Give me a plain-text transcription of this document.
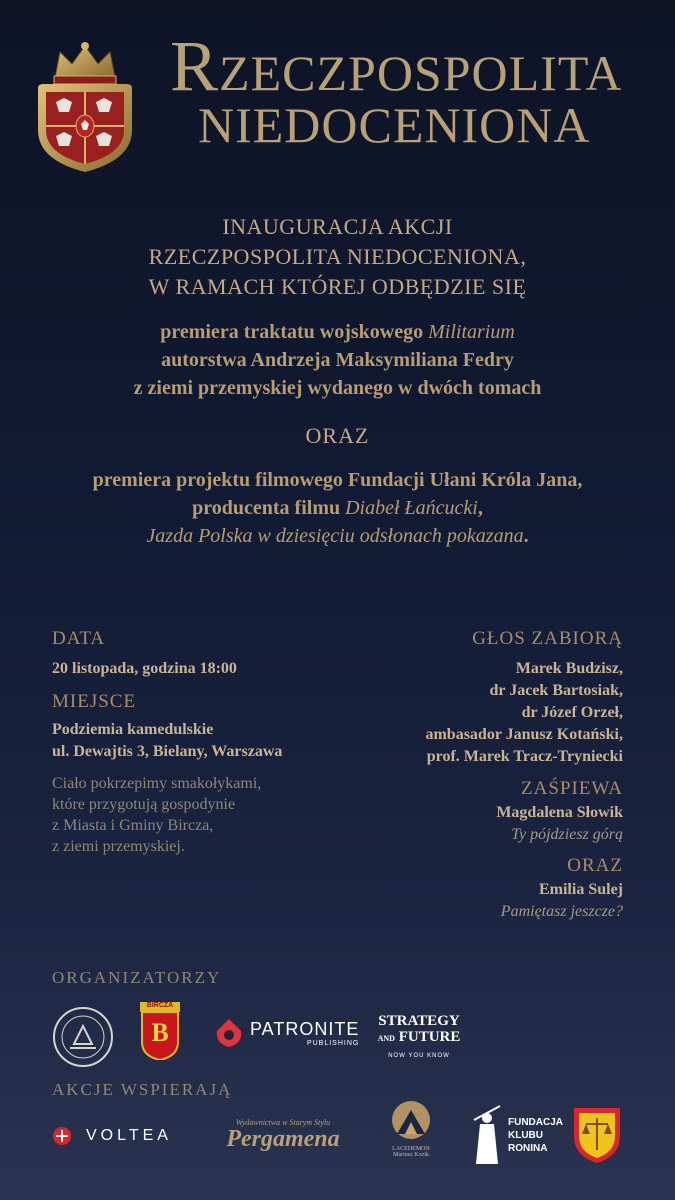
RZECZPOSPOLITA
NIEDOCENIONA
INAUGURACJA AKCJI
RZECZPOSPOLITA NIEDOCENIONA,
W RAMACH KTÓREJ ODBĘDZIE SIĘ
premiera traktatu wojskowego Militarium
autorstwa Andrzeja Maksymiliana Fedry
z ziemi przemyskiej wydanego w dwóch tomach
ORAZ
premiera projektu filmowego Fundacji Ułani Króla Jana,
producenta filmu Diabeł Łańcucki,
Jazda Polska w dziesięciu odsłonach pokazana.
DATA
20 listopada, godzina 18:00
MIEJSCE
Podziemia kamedulskie
ul. Dewajtis 3, Bielany, Warszawa
Ciało pokrzepimy smakołykami,
które przygotują gospodynie
z Miasta i Gminy Bircza,
z ziemi przemyskiej.
GŁOS ZABIORĄ
Marek Budzisz,
dr Jacek Bartosiak,
dr Józef Orzeł,
ambasador Janusz Kotański,
prof. Marek Tracz-Tryniecki
ZAŚPIEWA
Magdalena Słowik
Ty pójdziesz górą
ORAZ
Emilia Sulej
Pamiętasz jeszcze?
ORGANIZATORZY
BIRCZA
B	PATRONITE
PUBLISHING
STRATEGY
AND FUTURE
NOW YOU KNOW
AKCJE WSPIERAJĄ
VOLTEA
Wydawnictwa w Starym Stylu
Pergamena	LACEDEMON
Mariusz Kozik
FUNDACJA
KLUBU
RONINA
